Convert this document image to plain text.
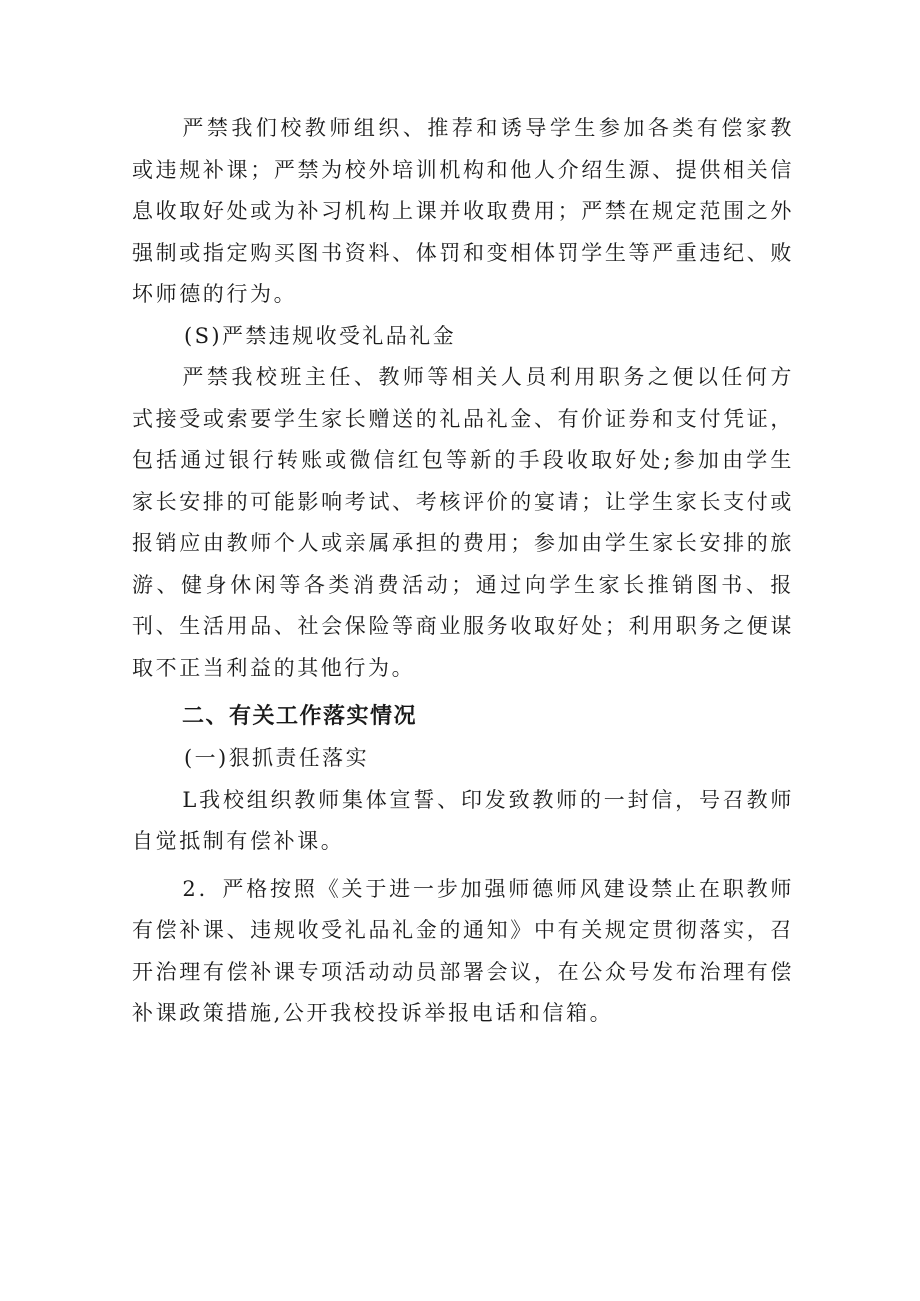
严禁我们校教师组织、推荐和诱导学生参加各类有偿家教或违规补课；严禁为校外培训机构和他人介绍生源、提供相关信息收取好处或为补习机构上课并收取费用；严禁在规定范围之外强制或指定购买图书资料、体罚和变相体罚学生等严重违纪、败坏师德的行为。

(S)严禁违规收受礼品礼金

严禁我校班主任、教师等相关人员利用职务之便以任何方式接受或索要学生家长赠送的礼品礼金、有价证券和支付凭证，包括通过银行转账或微信红包等新的手段收取好处;参加由学生家长安排的可能影响考试、考核评价的宴请；让学生家长支付或报销应由教师个人或亲属承担的费用；参加由学生家长安排的旅游、健身休闲等各类消费活动；通过向学生家长推销图书、报刊、生活用品、社会保险等商业服务收取好处；利用职务之便谋取不正当利益的其他行为。

二、有关工作落实情况

(一)狠抓责任落实

L我校组织教师集体宣誓、印发致教师的一封信，号召教师自觉抵制有偿补课。

2．严格按照《关于进一步加强师德师风建设禁止在职教师有偿补课、违规收受礼品礼金的通知》中有关规定贯彻落实，召开治理有偿补课专项活动动员部署会议，在公众号发布治理有偿补课政策措施,公开我校投诉举报电话和信箱。
